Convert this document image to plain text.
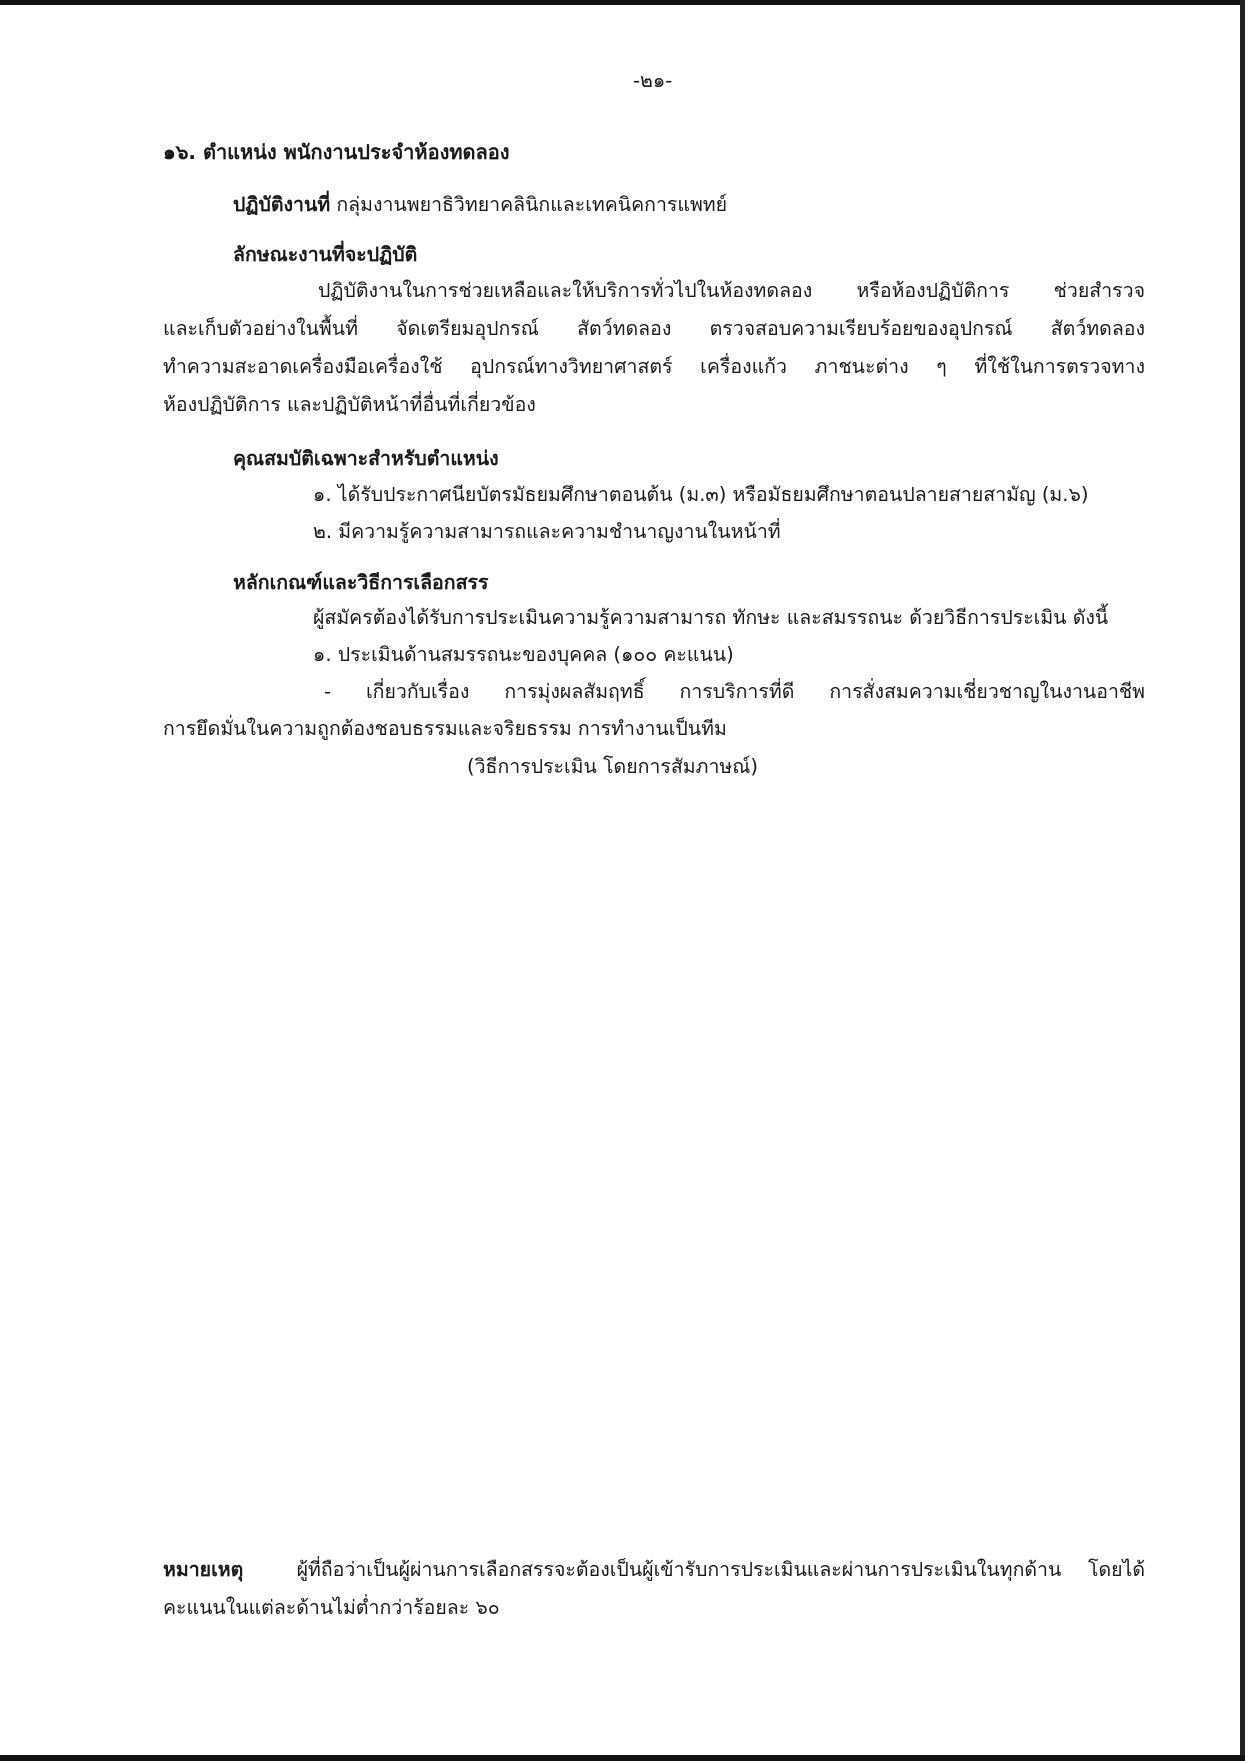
-๒๑-
๑๖. ตำแหน่ง พนักงานประจำห้องทดลอง
ปฏิบัติงานที่ กลุ่มงานพยาธิวิทยาคลินิกและเทคนิคการแพทย์
ลักษณะงานที่จะปฏิบัติ
ปฏิบัติงานในการช่วยเหลือและให้บริการทั่วไปในห้องทดลอง หรือห้องปฏิบัติการ ช่วยสำรวจ
และเก็บตัวอย่างในพื้นที่ จัดเตรียมอุปกรณ์ สัตว์ทดลอง ตรวจสอบความเรียบร้อยของอุปกรณ์ สัตว์ทดลอง
ทำความสะอาดเครื่องมือเครื่องใช้ อุปกรณ์ทางวิทยาศาสตร์ เครื่องแก้ว ภาชนะต่าง ๆ ที่ใช้ในการตรวจทาง
ห้องปฏิบัติการ และปฏิบัติหน้าที่อื่นที่เกี่ยวข้อง
คุณสมบัติเฉพาะสำหรับตำแหน่ง
๑. ได้รับประกาศนียบัตรมัธยมศึกษาตอนต้น (ม.๓) หรือมัธยมศึกษาตอนปลายสายสามัญ (ม.๖)
๒. มีความรู้ความสามารถและความชำนาญงานในหน้าที่
หลักเกณฑ์และวิธีการเลือกสรร
ผู้สมัครต้องได้รับการประเมินความรู้ความสามารถ ทักษะ และสมรรถนะ ด้วยวิธีการประเมิน ดังนี้
๑. ประเมินด้านสมรรถนะของบุคคล (๑๐๐ คะแนน)
- เกี่ยวกับเรื่อง การมุ่งผลสัมฤทธิ์ การบริการที่ดี การสั่งสมความเชี่ยวชาญในงานอาชีพ
การยึดมั่นในความถูกต้องชอบธรรมและจริยธรรม การทำงานเป็นทีม
(วิธีการประเมิน โดยการสัมภาษณ์)
หมายเหตุ	ผู้ที่ถือว่าเป็นผู้ผ่านการเลือกสรรจะต้องเป็นผู้เข้ารับการประเมินและผ่านการประเมินในทุกด้าน โดยได้
คะแนนในแต่ละด้านไม่ต่ำกว่าร้อยละ ๖๐
